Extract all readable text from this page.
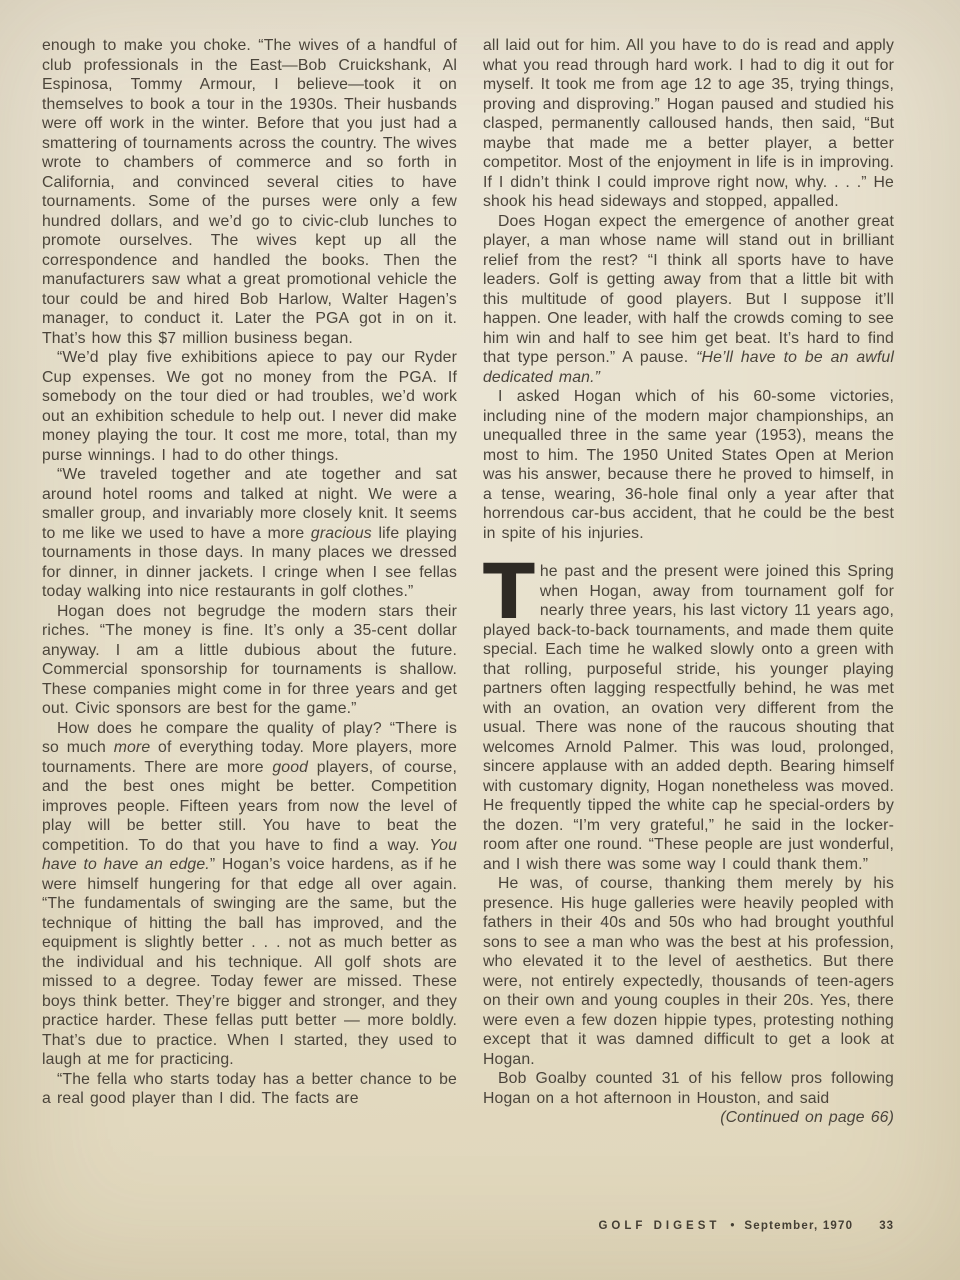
enough to make you choke. “The wives of a handful of club professionals in the East—Bob Cruickshank, Al Espinosa, Tommy Armour, I believe—took it on themselves to book a tour in the 1930s. Their husbands were off work in the winter. Before that you just had a smattering of tournaments across the country. The wives wrote to chambers of commerce and so forth in California, and convinced several cities to have tournaments. Some of the purses were only a few hundred dollars, and we’d go to civic-club lunches to promote ourselves. The wives kept up all the correspondence and handled the books. Then the manufacturers saw what a great promotional vehicle the tour could be and hired Bob Harlow, Walter Hagen’s manager, to conduct it. Later the PGA got in on it. That’s how this $7 million business began.

“We’d play five exhibitions apiece to pay our Ryder Cup expenses. We got no money from the PGA. If somebody on the tour died or had troubles, we’d work out an exhibition schedule to help out. I never did make money playing the tour. It cost me more, total, than my purse winnings. I had to do other things.

“We traveled together and ate together and sat around hotel rooms and talked at night. We were a smaller group, and invariably more closely knit. It seems to me like we used to have a more gracious life playing tournaments in those days. In many places we dressed for dinner, in dinner jackets. I cringe when I see fellas today walking into nice restaurants in golf clothes.”

Hogan does not begrudge the modern stars their riches. “The money is fine. It’s only a 35-cent dollar anyway. I am a little dubious about the future. Commercial sponsorship for tournaments is shallow. These companies might come in for three years and get out. Civic sponsors are best for the game.”

How does he compare the quality of play? “There is so much more of everything today. More players, more tournaments. There are more good players, of course, and the best ones might be better. Competition improves people. Fifteen years from now the level of play will be better still. You have to beat the competition. To do that you have to find a way. You have to have an edge.” Hogan’s voice hardens, as if he were himself hungering for that edge all over again. “The fundamentals of swinging are the same, but the technique of hitting the ball has improved, and the equipment is slightly better . . . not as much better as the individual and his technique. All golf shots are missed to a degree. Today fewer are missed. These boys think better. They’re bigger and stronger, and they practice harder. These fellas putt better — more boldly. That’s due to practice. When I started, they used to laugh at me for practicing.

“The fella who starts today has a better chance to be a real good player than I did. The facts are

all laid out for him. All you have to do is read and apply what you read through hard work. I had to dig it out for myself. It took me from age 12 to age 35, trying things, proving and disproving.” Hogan paused and studied his clasped, permanently calloused hands, then said, “But maybe that made me a better player, a better competitor. Most of the enjoyment in life is in improving. If I didn’t think I could improve right now, why. . . .” He shook his head sideways and stopped, appalled.

Does Hogan expect the emergence of another great player, a man whose name will stand out in brilliant relief from the rest? “I think all sports have to have leaders. Golf is getting away from that a little bit with this multitude of good players. But I suppose it’ll happen. One leader, with half the crowds coming to see him win and half to see him get beat. It’s hard to find that type person.” A pause. “He’ll have to be an awful dedicated man.”

I asked Hogan which of his 60-some victories, including nine of the modern major championships, an unequalled three in the same year (1953), means the most to him. The 1950 United States Open at Merion was his answer, because there he proved to himself, in a tense, wearing, 36-hole final only a year after that horrendous car-bus accident, that he could be the best in spite of his injuries.

The past and the present were joined this Spring when Hogan, away from tournament golf for nearly three years, his last victory 11 years ago, played back-to-back tournaments, and made them quite special. Each time he walked slowly onto a green with that rolling, purposeful stride, his younger playing partners often lagging respectfully behind, he was met with an ovation, an ovation very different from the usual. There was none of the raucous shouting that welcomes Arnold Palmer. This was loud, prolonged, sincere applause with an added depth. Bearing himself with customary dignity, Hogan nonetheless was moved. He frequently tipped the white cap he special-orders by the dozen. “I’m very grateful,” he said in the locker-room after one round. “These people are just wonderful, and I wish there was some way I could thank them.”

He was, of course, thanking them merely by his presence. His huge galleries were heavily peopled with fathers in their 40s and 50s who had brought youthful sons to see a man who was the best at his profession, who elevated it to the level of aesthetics. But there were, not entirely expectedly, thousands of teen-agers on their own and young couples in their 20s. Yes, there were even a few dozen hippie types, protesting nothing except that it was damned difficult to get a look at Hogan.

Bob Goalby counted 31 of his fellow pros following Hogan on a hot afternoon in Houston, and said

(Continued on page 66)

GOLF DIGEST • September, 1970 33
